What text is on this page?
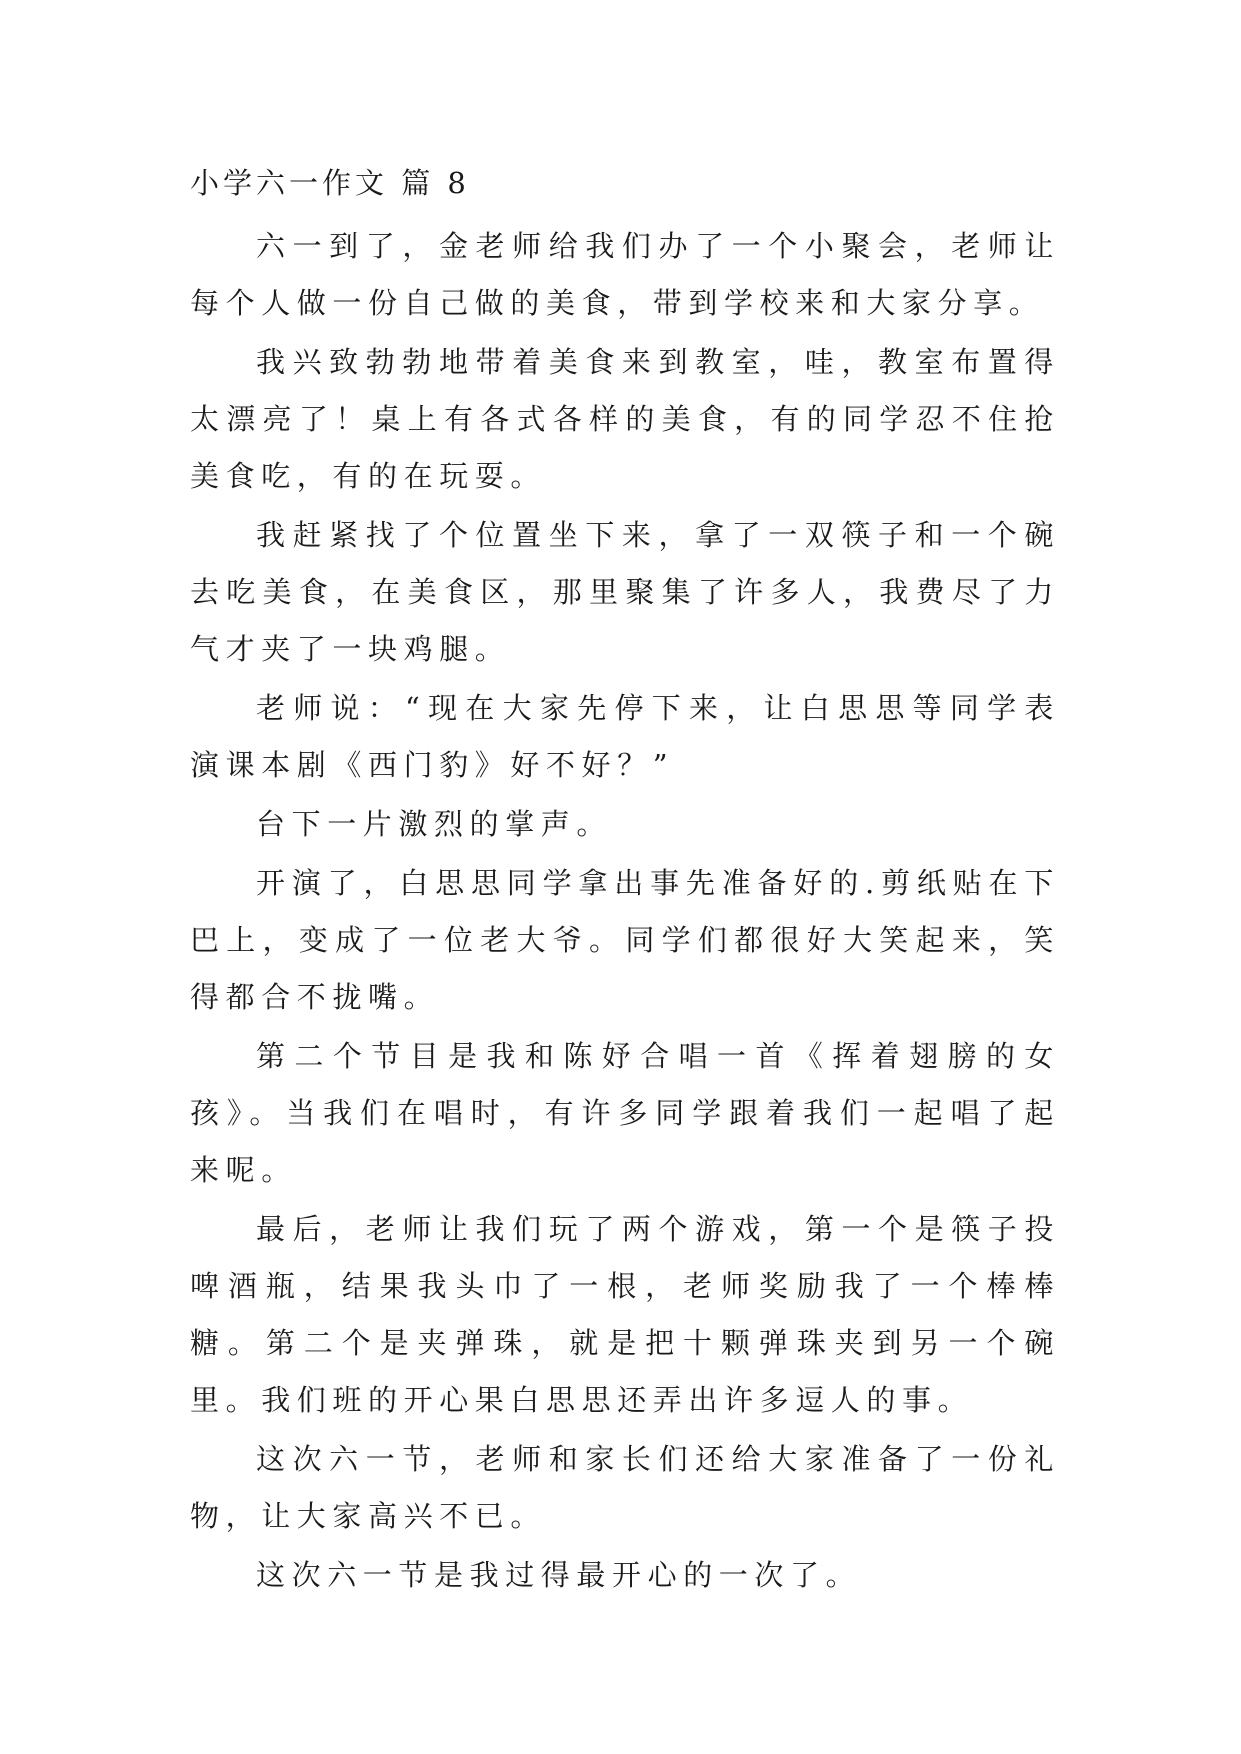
小学六一作文 篇 8

六一到了，金老师给我们办了一个小聚会，老师让每个人做一份自己做的美食，带到学校来和大家分享。

我兴致勃勃地带着美食来到教室，哇，教室布置得太漂亮了！桌上有各式各样的美食，有的同学忍不住抢美食吃，有的在玩耍。

我赶紧找了个位置坐下来，拿了一双筷子和一个碗去吃美食，在美食区，那里聚集了许多人，我费尽了力气才夹了一块鸡腿。

老师说：“现在大家先停下来，让白思思等同学表演课本剧《西门豹》好不好？”

台下一片激烈的掌声。

开演了，白思思同学拿出事先准备好的.剪纸贴在下巴上，变成了一位老大爷。同学们都很好大笑起来，笑得都合不拢嘴。

第二个节目是我和陈妤合唱一首《挥着翅膀的女孩》。当我们在唱时，有许多同学跟着我们一起唱了起来呢。

最后，老师让我们玩了两个游戏，第一个是筷子投啤酒瓶，结果我头巾了一根，老师奖励我了一个棒棒糖。第二个是夹弹珠，就是把十颗弹珠夹到另一个碗里。我们班的开心果白思思还弄出许多逗人的事。

这次六一节，老师和家长们还给大家准备了一份礼物，让大家高兴不已。

这次六一节是我过得最开心的一次了。
